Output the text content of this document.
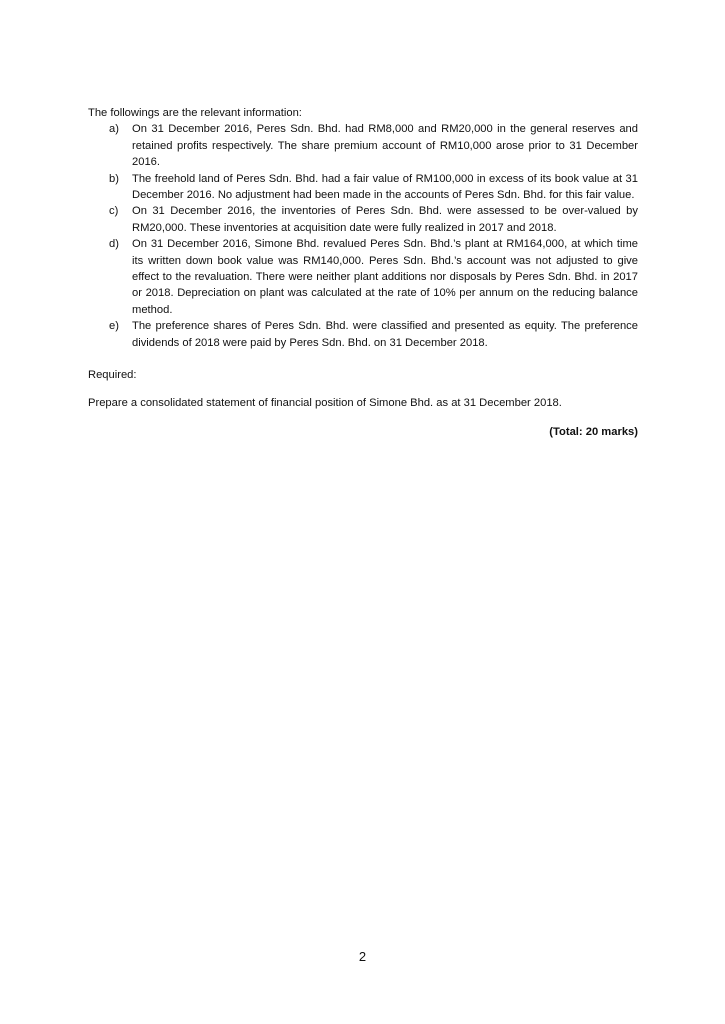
The followings are the relevant information:

a) On 31 December 2016, Peres Sdn. Bhd. had RM8,000 and RM20,000 in the general reserves and retained profits respectively. The share premium account of RM10,000 arose prior to 31 December 2016.
b) The freehold land of Peres Sdn. Bhd. had a fair value of RM100,000 in excess of its book value at 31 December 2016. No adjustment had been made in the accounts of Peres Sdn. Bhd. for this fair value.
c) On 31 December 2016, the inventories of Peres Sdn. Bhd. were assessed to be over-valued by RM20,000. These inventories at acquisition date were fully realized in 2017 and 2018.
d) On 31 December 2016, Simone Bhd. revalued Peres Sdn. Bhd.’s plant at RM164,000, at which time its written down book value was RM140,000. Peres Sdn. Bhd.’s account was not adjusted to give effect to the revaluation. There were neither plant additions nor disposals by Peres Sdn. Bhd. in 2017 or 2018. Depreciation on plant was calculated at the rate of 10% per annum on the reducing balance method.
e) The preference shares of Peres Sdn. Bhd. were classified and presented as equity. The preference dividends of 2018 were paid by Peres Sdn. Bhd. on 31 December 2018.

Required:

Prepare a consolidated statement of financial position of Simone Bhd. as at 31 December 2018.

(Total: 20 marks)

2
